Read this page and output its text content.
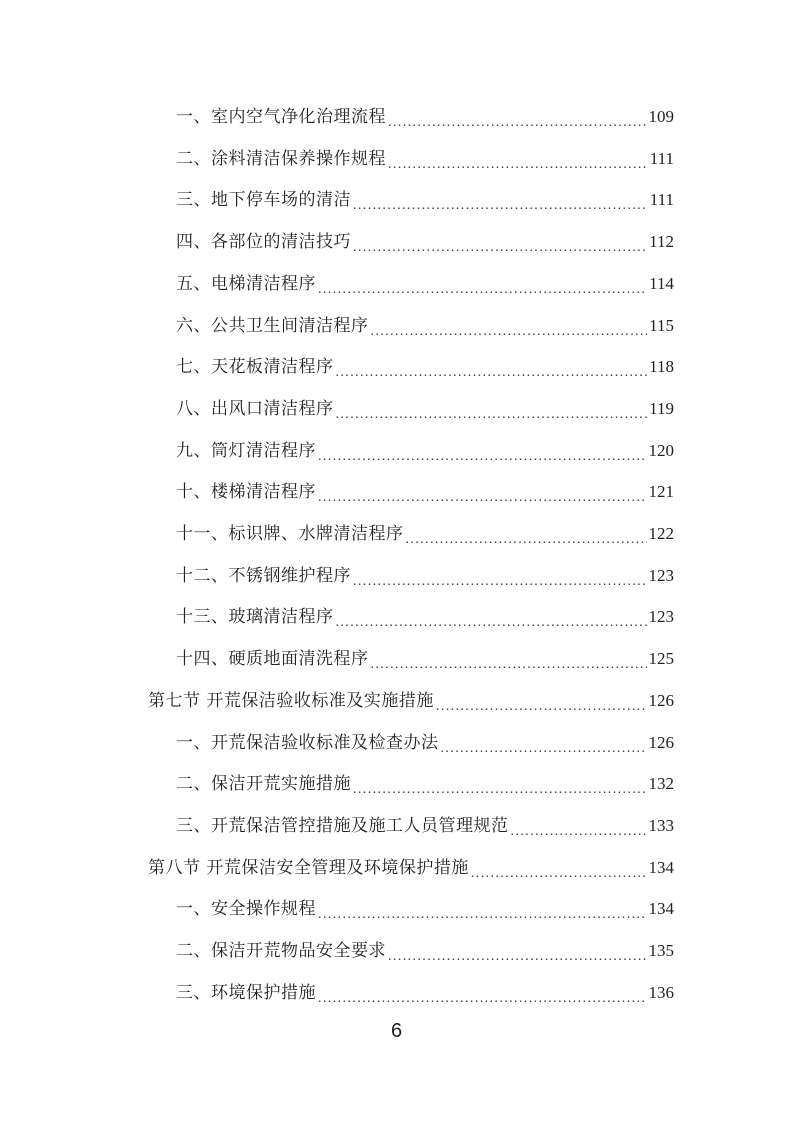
一、室内空气净化治理流程 .....	109
二、涂料清洁保养操作规程 .....	111
三、地下停车场的清洁 .....	111
四、各部位的清洁技巧 .....	112
五、电梯清洁程序 .....	114
六、公共卫生间清洁程序 .....	115
七、天花板清洁程序 .....	118
八、出风口清洁程序 .....	119
九、筒灯清洁程序 .....	120
十、楼梯清洁程序 .....	121
十一、标识牌、水牌清洁程序 .....	122
十二、不锈钢维护程序 .....	123
十三、玻璃清洁程序 .....	123
十四、硬质地面清洗程序 .....	125
第七节 开荒保洁验收标准及实施措施 .....	126
一、开荒保洁验收标准及检查办法 .....	126
二、保洁开荒实施措施 .....	132
三、开荒保洁管控措施及施工人员管理规范 .....	133
第八节 开荒保洁安全管理及环境保护措施 .....	134
一、安全操作规程 .....	134
二、保洁开荒物品安全要求 .....	135
三、环境保护措施 .....	136
6
